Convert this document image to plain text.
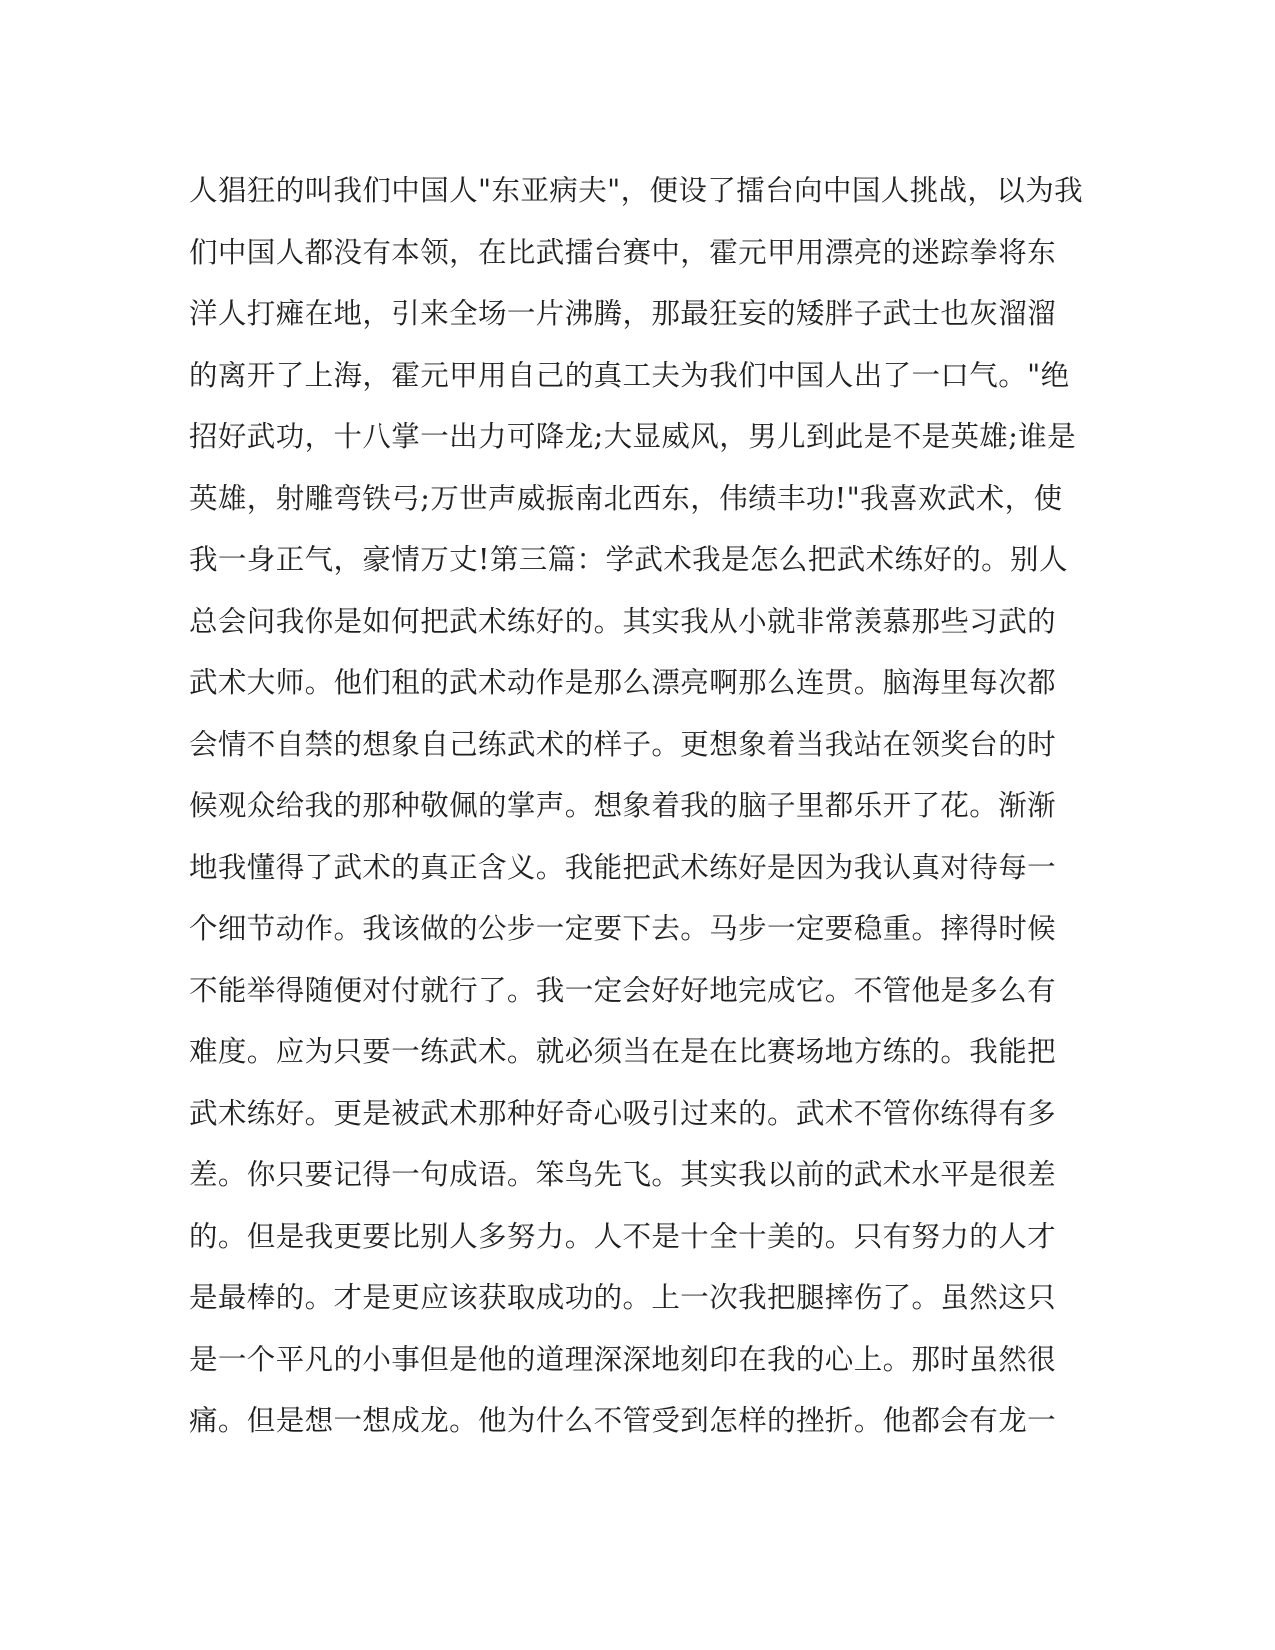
人猖狂的叫我们中国人"东亚病夫"，便设了擂台向中国人挑战，以为我
们中国人都没有本领，在比武擂台赛中，霍元甲用漂亮的迷踪拳将东
洋人打瘫在地，引来全场一片沸腾，那最狂妄的矮胖子武士也灰溜溜
的离开了上海，霍元甲用自己的真工夫为我们中国人出了一口气。"绝
招好武功，十八掌一出力可降龙;大显威风，男儿到此是不是英雄;谁是
英雄，射雕弯铁弓;万世声威振南北西东，伟绩丰功!"我喜欢武术，使
我一身正气，豪情万丈!第三篇：学武术我是怎么把武术练好的。别人
总会问我你是如何把武术练好的。其实我从小就非常羡慕那些习武的
武术大师。他们租的武术动作是那么漂亮啊那么连贯。脑海里每次都
会情不自禁的想象自己练武术的样子。更想象着当我站在领奖台的时
候观众给我的那种敬佩的掌声。想象着我的脑子里都乐开了花。渐渐
地我懂得了武术的真正含义。我能把武术练好是因为我认真对待每一
个细节动作。我该做的公步一定要下去。马步一定要稳重。摔得时候
不能举得随便对付就行了。我一定会好好地完成它。不管他是多么有
难度。应为只要一练武术。就必须当在是在比赛场地方练的。我能把
武术练好。更是被武术那种好奇心吸引过来的。武术不管你练得有多
差。你只要记得一句成语。笨鸟先飞。其实我以前的武术水平是很差
的。但是我更要比别人多努力。人不是十全十美的。只有努力的人才
是最棒的。才是更应该获取成功的。上一次我把腿摔伤了。虽然这只
是一个平凡的小事但是他的道理深深地刻印在我的心上。那时虽然很
痛。但是想一想成龙。他为什么不管受到怎样的挫折。他都会有龙一
